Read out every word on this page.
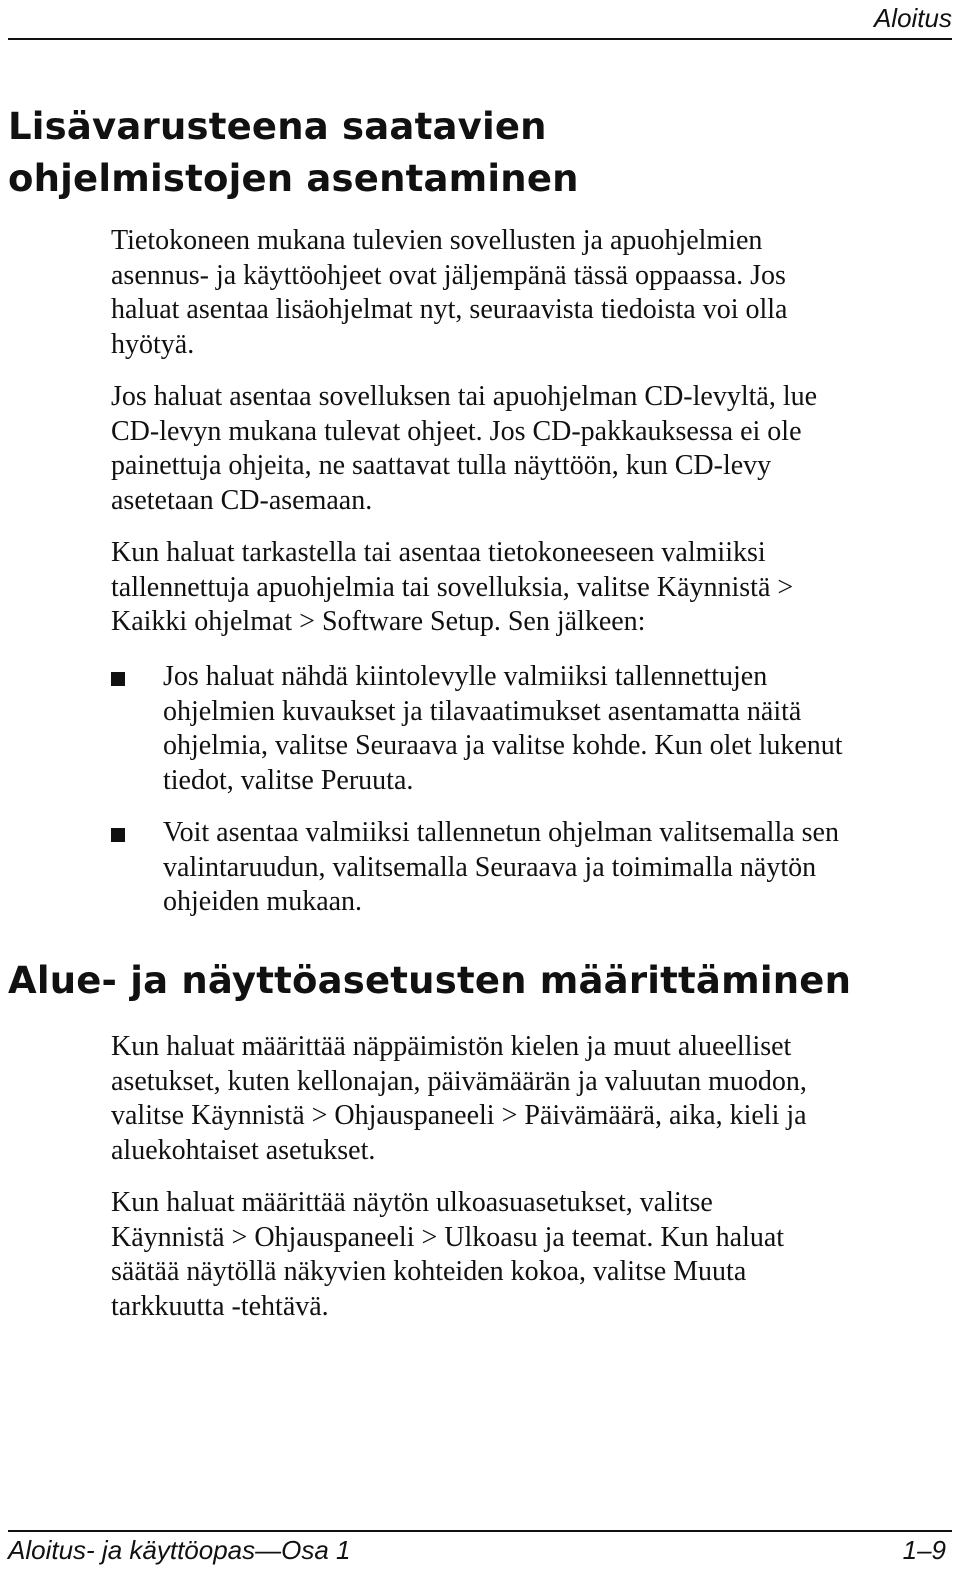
Aloitus
Lisävarusteena saatavien
ohjelmistojen asentaminen

Tietokoneen mukana tulevien sovellusten ja apuohjelmien
asennus- ja käyttöohjeet ovat jäljempänä tässä oppaassa. Jos
haluat asentaa lisäohjelmat nyt, seuraavista tiedoista voi olla
hyötyä.

Jos haluat asentaa sovelluksen tai apuohjelman CD-levyltä, lue
CD-levyn mukana tulevat ohjeet. Jos CD-pakkauksessa ei ole
painettuja ohjeita, ne saattavat tulla näyttöön, kun CD-levy
asetetaan CD-asemaan.

Kun haluat tarkastella tai asentaa tietokoneeseen valmiiksi
tallennettuja apuohjelmia tai sovelluksia, valitse Käynnistä >
Kaikki ohjelmat > Software Setup. Sen jälkeen:

Jos haluat nähdä kiintolevylle valmiiksi tallennettujen
ohjelmien kuvaukset ja tilavaatimukset asentamatta näitä
ohjelmia, valitse Seuraava ja valitse kohde. Kun olet lukenut
tiedot, valitse Peruuta.

Voit asentaa valmiiksi tallennetun ohjelman valitsemalla sen
valintaruudun, valitsemalla Seuraava ja toimimalla näytön
ohjeiden mukaan.

Alue- ja näyttöasetusten määrittäminen

Kun haluat määrittää näppäimistön kielen ja muut alueelliset
asetukset, kuten kellonajan, päivämäärän ja valuutan muodon,
valitse Käynnistä > Ohjauspaneeli > Päivämäärä, aika, kieli ja
aluekohtaiset asetukset.

Kun haluat määrittää näytön ulkoasuasetukset, valitse
Käynnistä > Ohjauspaneeli > Ulkoasu ja teemat. Kun haluat
säätää näytöllä näkyvien kohteiden kokoa, valitse Muuta
tarkkuutta -tehtävä.

Aloitus- ja käyttöopas—Osa 1	1–9
